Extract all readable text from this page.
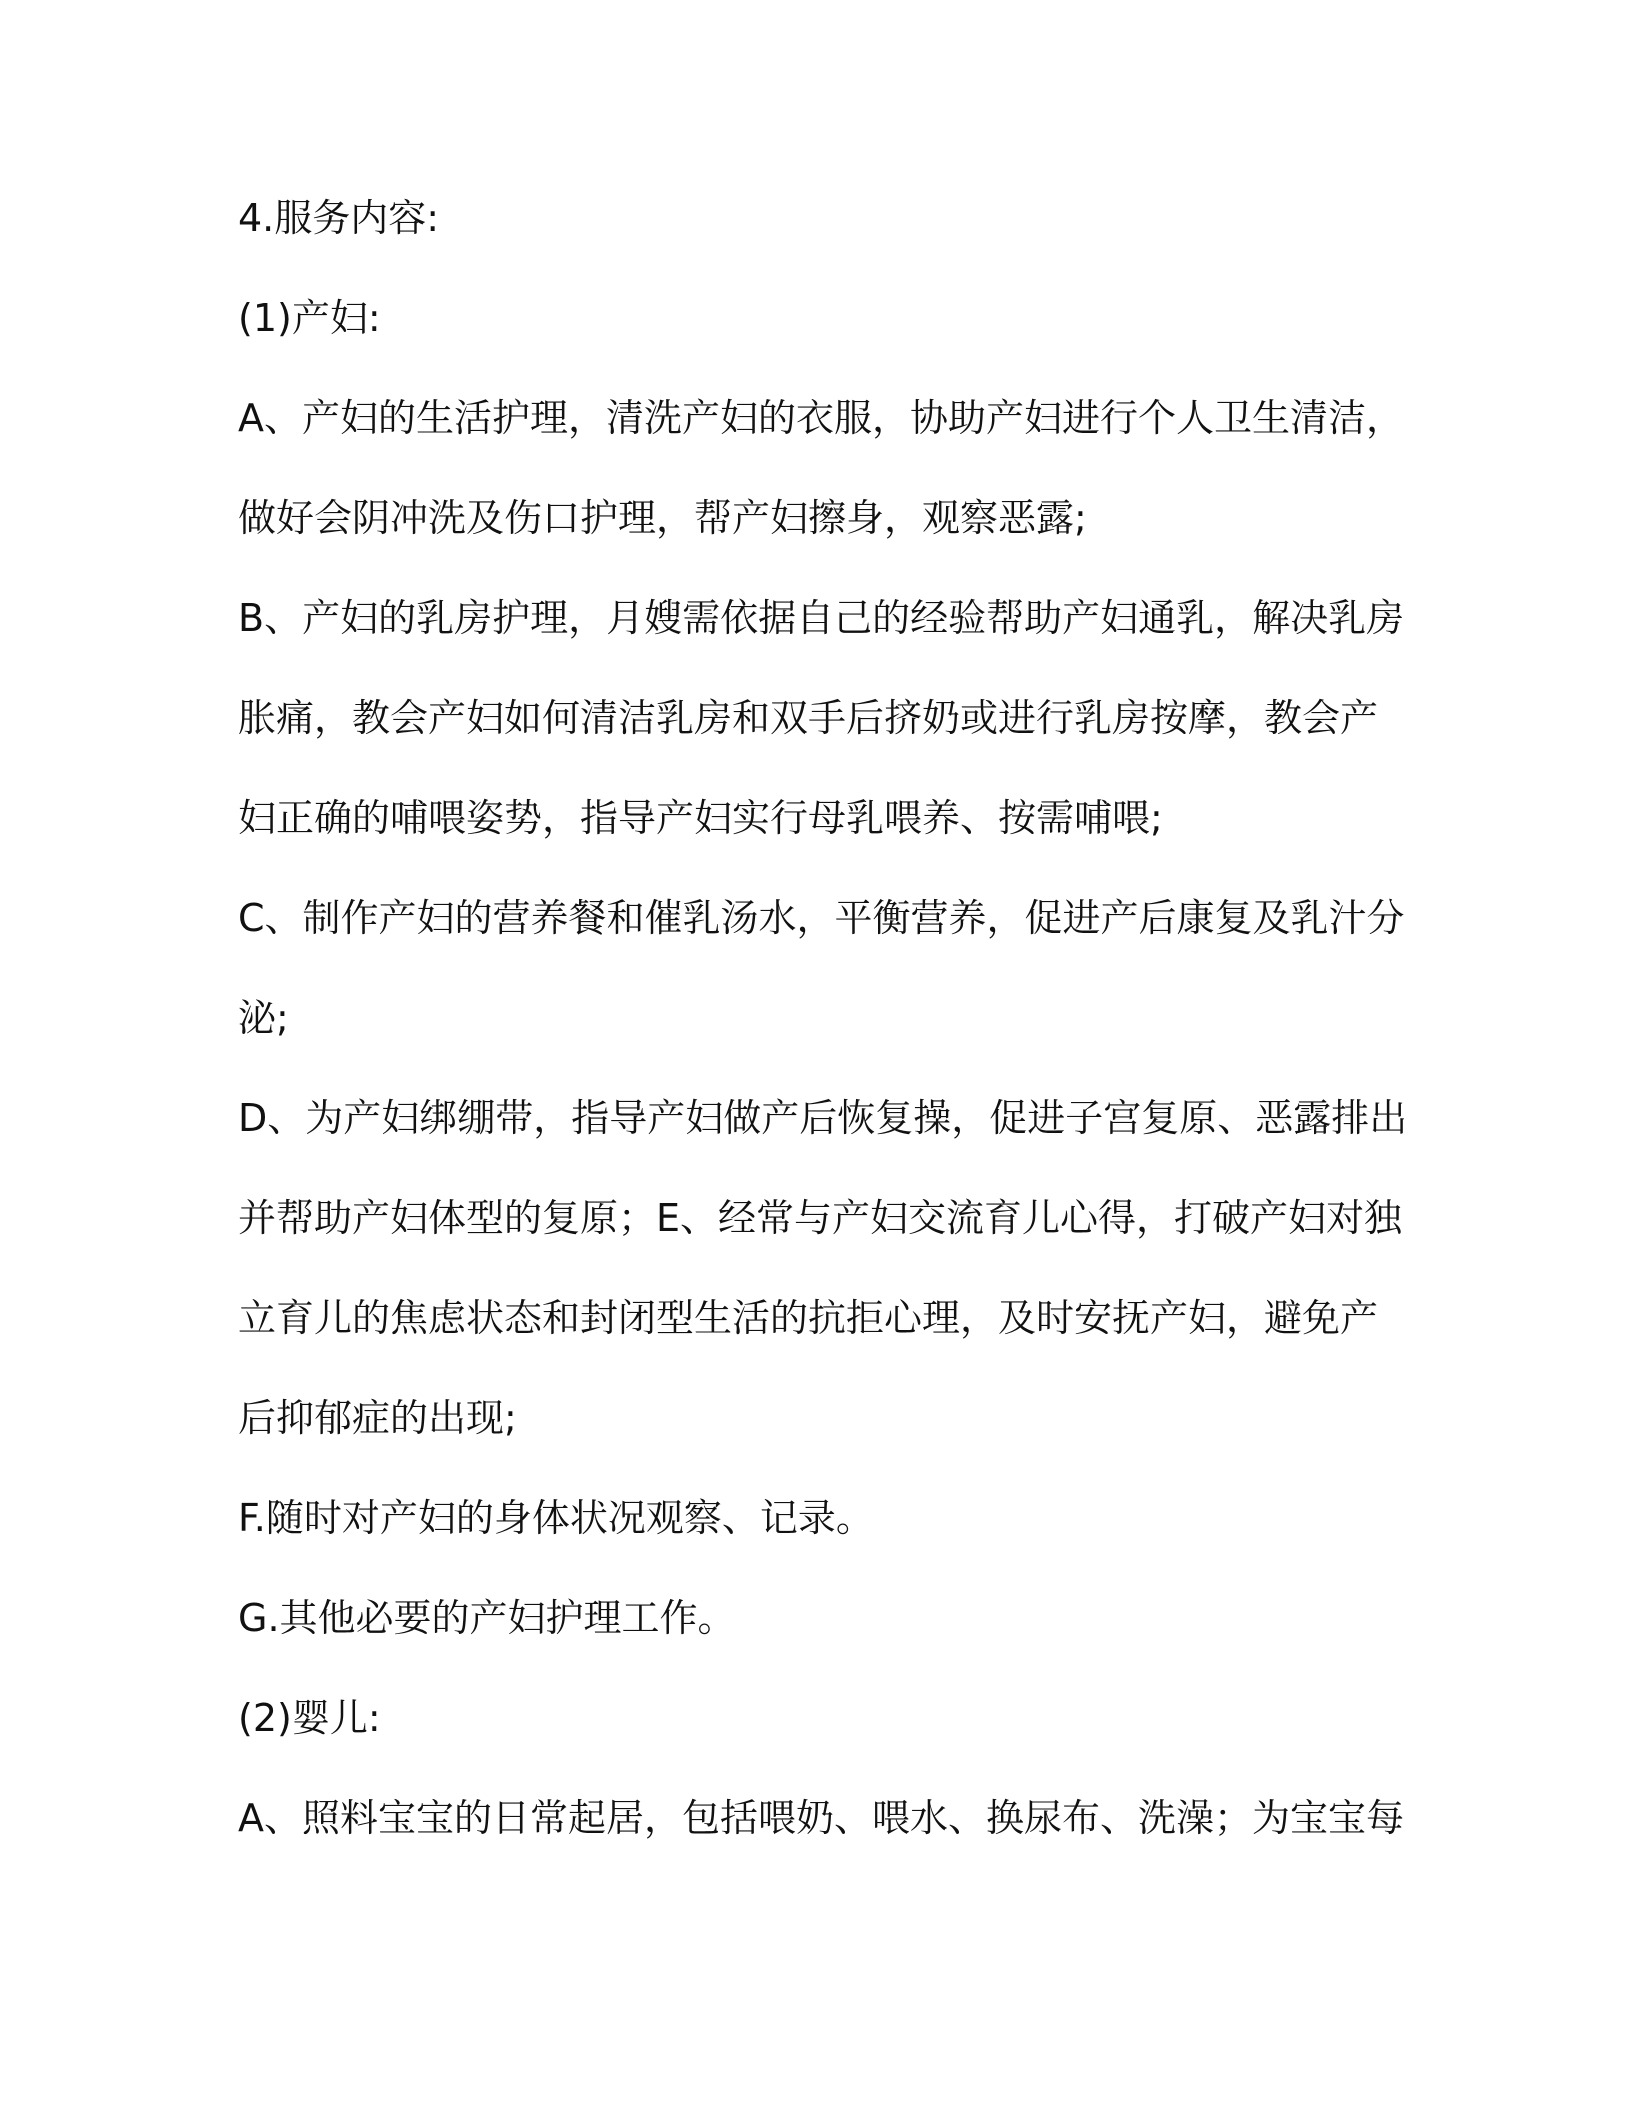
4.服务内容:
(1)产妇:
A、产妇的生活护理，清洗产妇的衣服，协助产妇进行个人卫生清洁，
做好会阴冲洗及伤口护理，帮产妇擦身，观察恶露;
B、产妇的乳房护理，月嫂需依据自己的经验帮助产妇通乳，解决乳房
胀痛，教会产妇如何清洁乳房和双手后挤奶或进行乳房按摩，教会产
妇正确的哺喂姿势，指导产妇实行母乳喂养、按需哺喂;
C、制作产妇的营养餐和催乳汤水，平衡营养，促进产后康复及乳汁分
泌;
D、为产妇绑绷带，指导产妇做产后恢复操，促进子宫复原、恶露排出
并帮助产妇体型的复原；E、经常与产妇交流育儿心得，打破产妇对独
立育儿的焦虑状态和封闭型生活的抗拒心理，及时安抚产妇，避免产
后抑郁症的出现;
F.随时对产妇的身体状况观察、记录。
G.其他必要的产妇护理工作。
(2)婴儿:
A、照料宝宝的日常起居，包括喂奶、喂水、换尿布、洗澡；为宝宝每
